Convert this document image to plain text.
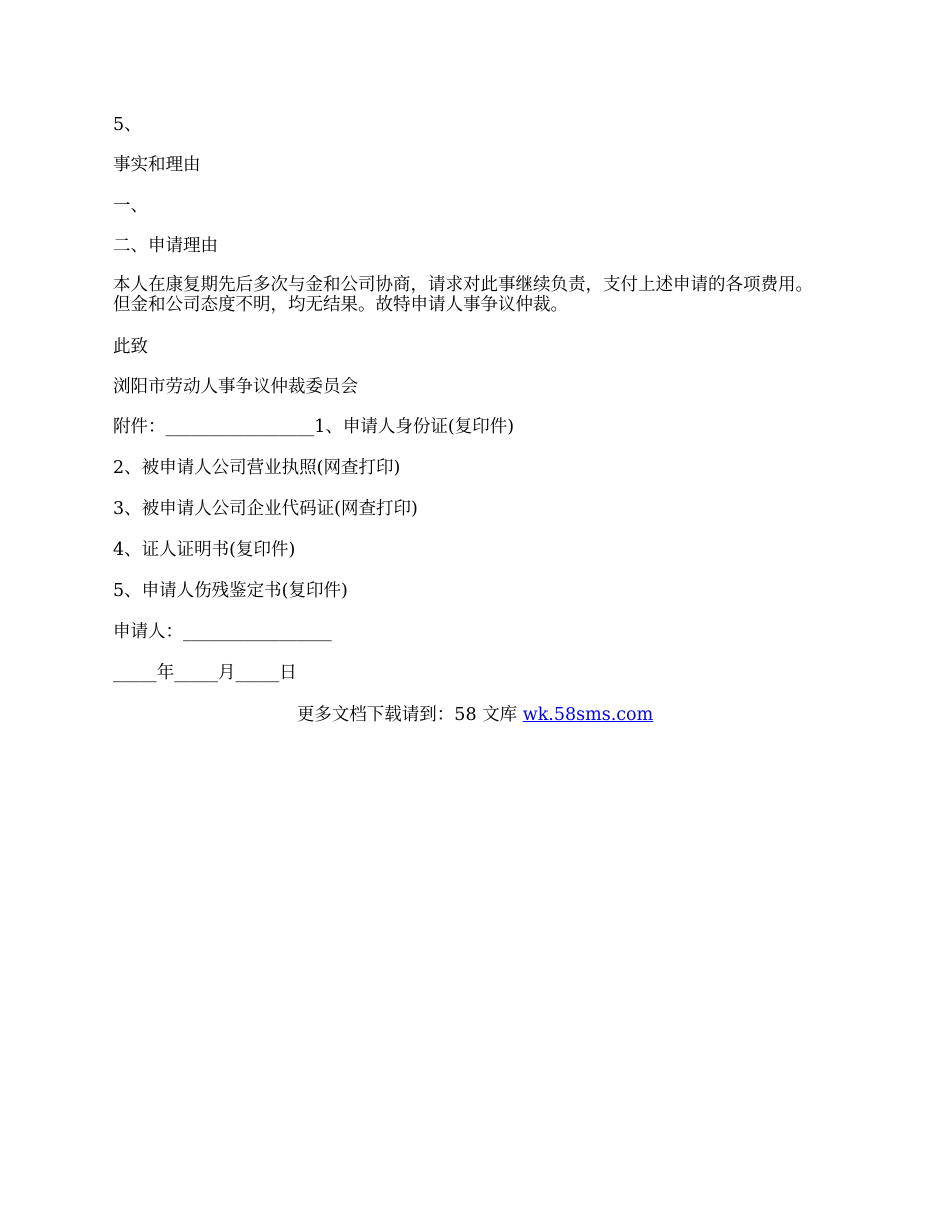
5、
事实和理由
一、
二、申请理由
本人在康复期先后多次与金和公司协商，请求对此事继续负责，支付上述申请的各项费用。
但金和公司态度不明，均无结果。故特申请人事争议仲裁。
此致
浏阳市劳动人事争议仲裁委员会
附件：_________________1、申请人身份证(复印件)
2、被申请人公司营业执照(网查打印)
3、被申请人公司企业代码证(网查打印)
4、证人证明书(复印件)
5、申请人伤残鉴定书(复印件)
申请人：_________________
_____年_____月_____日
更多文档下载请到：58 文库 wk.58sms.com
